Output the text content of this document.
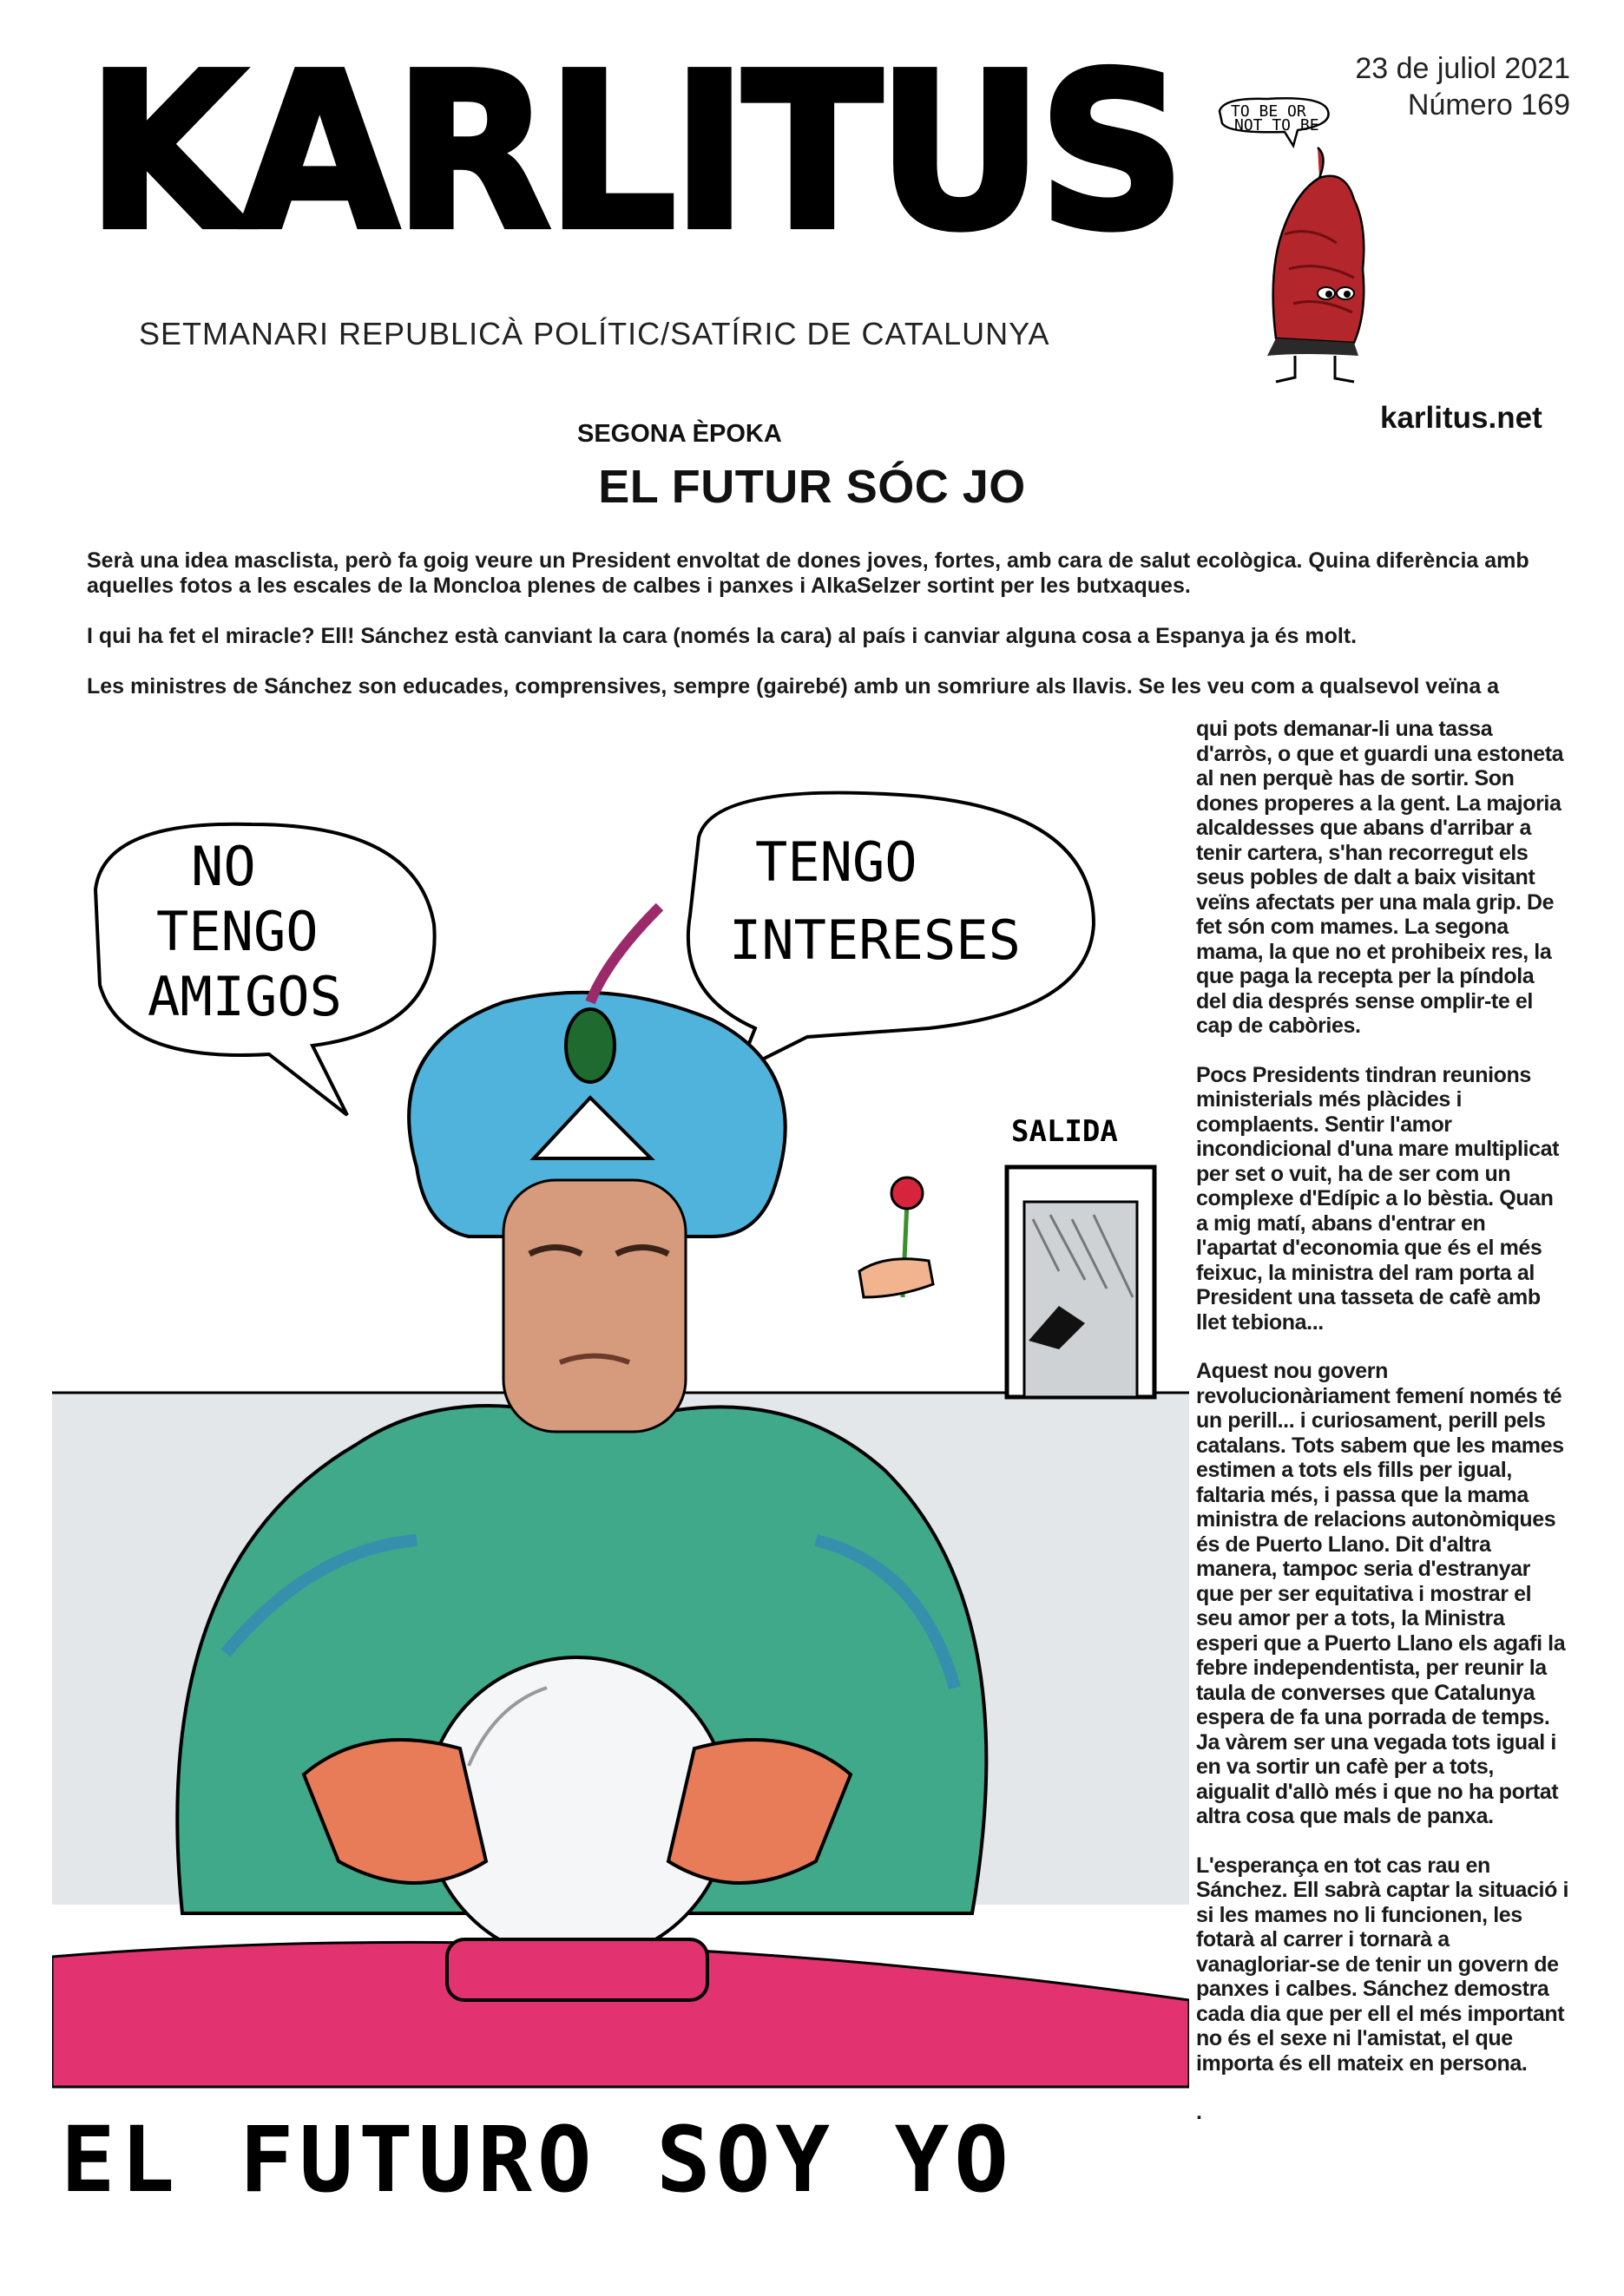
KARLITUS
SETMANARI REPUBLICÀ POLÍTIC/SATÍRIC DE CATALUNYA
SEGONA ÈPOKA
23 de juliol 2021
Número 169
TO BE OR
NOT TO BE
karlitus.net
EL FUTUR SÓC JO

Serà una idea masclista, però fa goig veure un President envoltat de dones joves, fortes, amb cara de salut ecològica. Quina diferència amb aquelles fotos a les escales de la Moncloa plenes de calbes i panxes i AlkaSelzer sortint per les butxaques.

I qui ha fet el miracle? Ell! Sánchez està canviant la cara (només la cara) al país i canviar alguna cosa a Espanya ja és molt.

Les ministres de Sánchez son educades, comprensives, sempre (gairebé) amb un somriure als llavis. Se les veu com a qualsevol veïna a

qui pots demanar-li una tassa d'arròs, o que et guardi una estoneta al nen perquè has de sortir. Son dones properes a la gent. La majoria alcaldesses que abans d'arribar a tenir cartera, s'han recorregut els seus pobles de dalt a baix visitant veïns afectats per una mala grip. De fet són com mames. La segona mama, la que no et prohibeix res, la que paga la recepta per la píndola del dia després sense omplir-te el cap de cabòries.

Pocs Presidents tindran reunions ministerials més plàcides i complaents. Sentir l'amor incondicional d'una mare multiplicat per set o vuit, ha de ser com un complexe d'Edípic a lo bèstia. Quan a mig matí, abans d'entrar en l'apartat d'economia que és el més feixuc, la ministra del ram porta al President una tasseta de cafè amb llet tebiona...

Aquest nou govern revolucionàriament femení només té un perill... i curiosament, perill pels catalans. Tots sabem que les mames estimen a tots els fills per igual, faltaria més, i passa que la mama ministra de relacions autonòmiques és de Puerto Llano. Dit d'altra manera, tampoc seria d'estranyar que per ser equitativa i mostrar el seu amor per a tots, la Ministra esperi que a Puerto Llano els agafi la febre independentista, per reunir la taula de converses que Catalunya espera de fa una porrada de temps. Ja vàrem ser una vegada tots igual i en va sortir un cafè per a tots, aigualit d'allò més i que no ha portat altra cosa que mals de panxa.

L'esperança en tot cas rau en Sánchez. Ell sabrà captar la situació i si les mames no li funcionen, les fotarà al carrer i tornarà a vanagloriar-se de tenir un govern de panxes i calbes. Sánchez demostra cada dia que per ell el més important no és el sexe ni l'amistat, el que importa és ell mateix en persona.

.

SALIDA
NO
TENGO
AMIGOS
TENGO
INTERESES
EL FUTURO SOY YO
